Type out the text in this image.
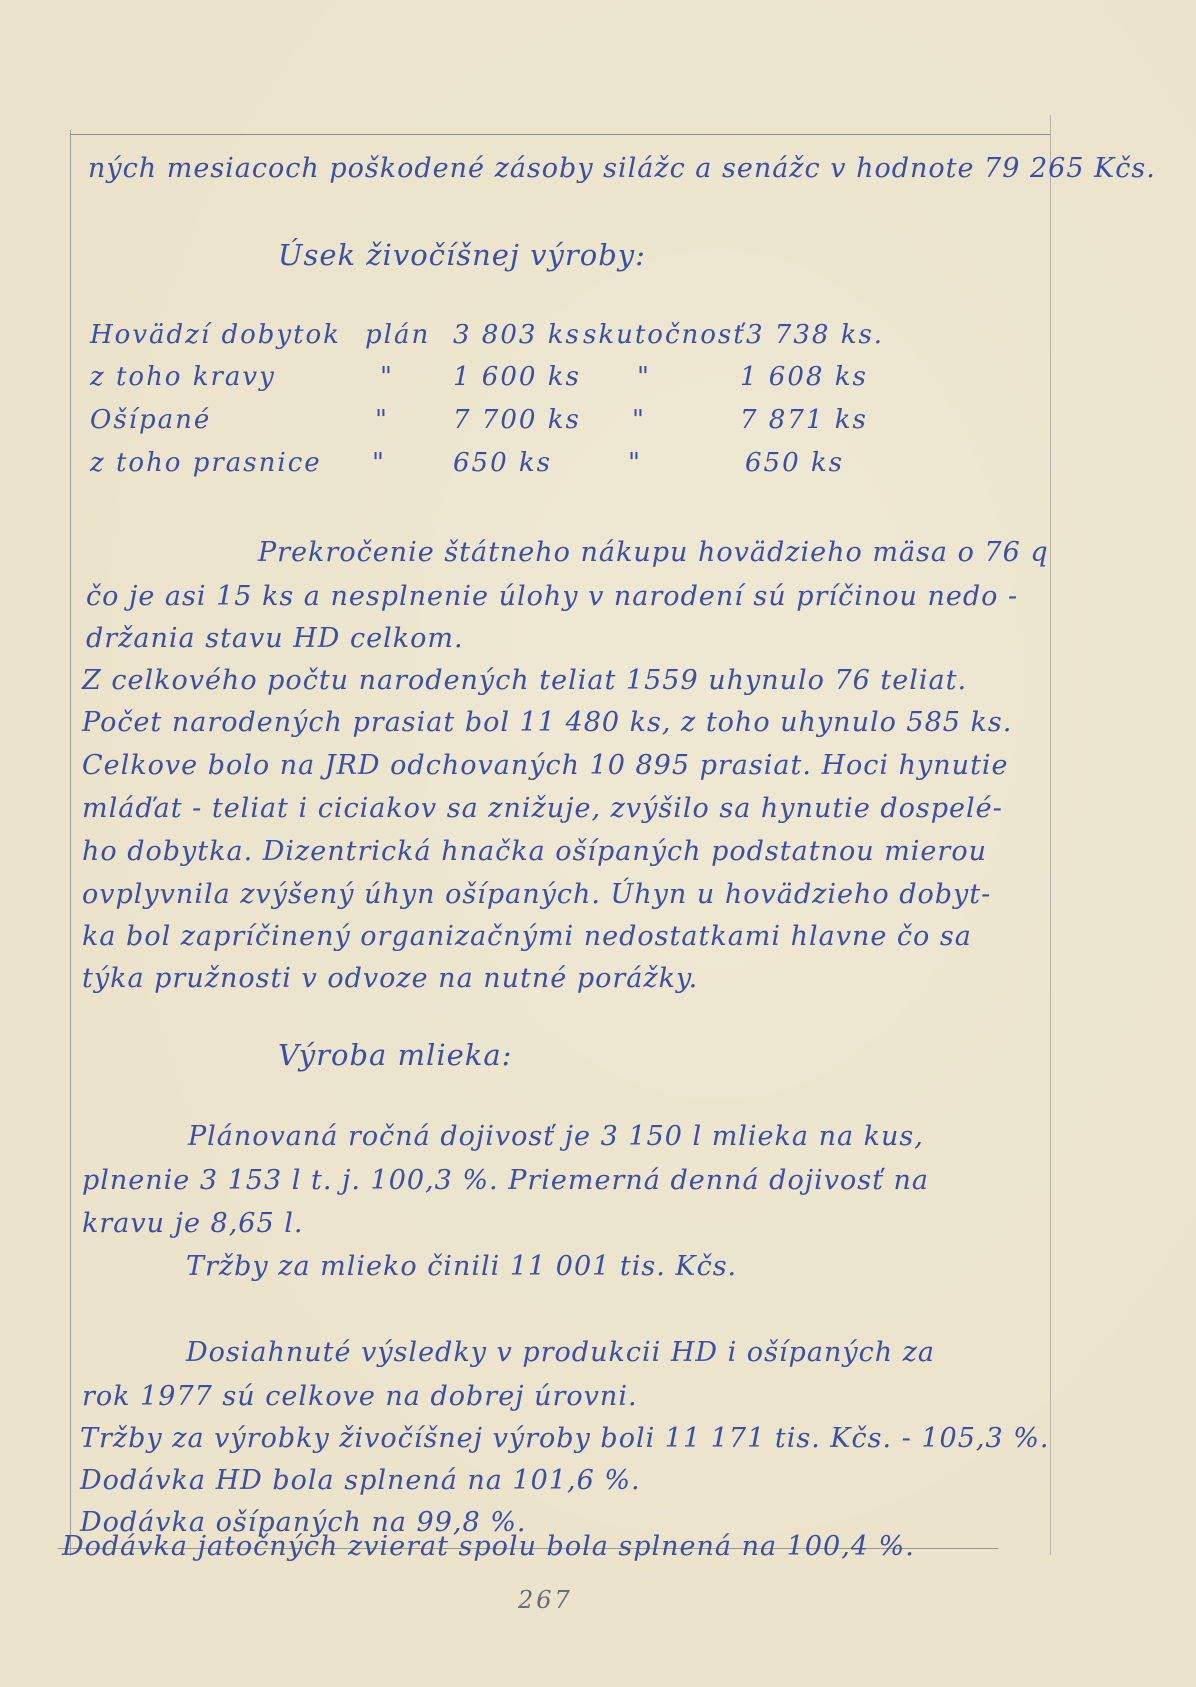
ných mesiacoch poškodené zásoby silážc a senážc v hodnote 79 265 Kčs.
Úsek živočíšnej výroby:
Hovädzí dobytok plán 3 803 ks skutočnosť 3 738 ks.
z toho kravy	" 1 600 ks "	1 608 ks
Ošípané	" 7 700 ks "	7 871 ks
z toho prasnice "	650 ks	"	650 ks
Prekročenie štátneho nákupu hovädzieho mäsa o 76 q
čo je asi 15 ks a nesplnenie úlohy v narodení sú príčinou nedo -
držania stavu HD celkom.
Z celkového počtu narodených teliat 1559 uhynulo 76 teliat.
Počet narodených prasiat bol 11 480 ks, z toho uhynulo 585 ks.
Celkove bolo na JRD odchovaných 10 895 prasiat. Hoci hynutie
mláďat - teliat i ciciakov sa znižuje, zvýšilo sa hynutie dospelé-
ho dobytka. Dizentrická hnačka ošípaných podstatnou mierou
ovplyvnila zvýšený úhyn ošípaných. Úhyn u hovädzieho dobyt-
ka bol zapríčinený organizačnými nedostatkami hlavne čo sa
týka pružnosti v odvoze na nutné porážky.
Výroba mlieka:
Plánovaná ročná dojivosť je 3 150 l mlieka na kus,
plnenie 3 153 l t. j. 100,3 %. Priemerná denná dojivosť na
kravu je 8,65 l.
Tržby za mlieko činili 11 001 tis. Kčs.
Dosiahnuté výsledky v produkcii HD i ošípaných za
rok 1977 sú celkove na dobrej úrovni.
Tržby za výrobky živočíšnej výroby boli 11 171 tis. Kčs. - 105,3 %.
Dodávka HD bola splnená na 101,6 %.
Dodávka ošípaných na 99,8 %.
Dodávka jatočných zvierat spolu bola splnená na 100,4 %.
267
